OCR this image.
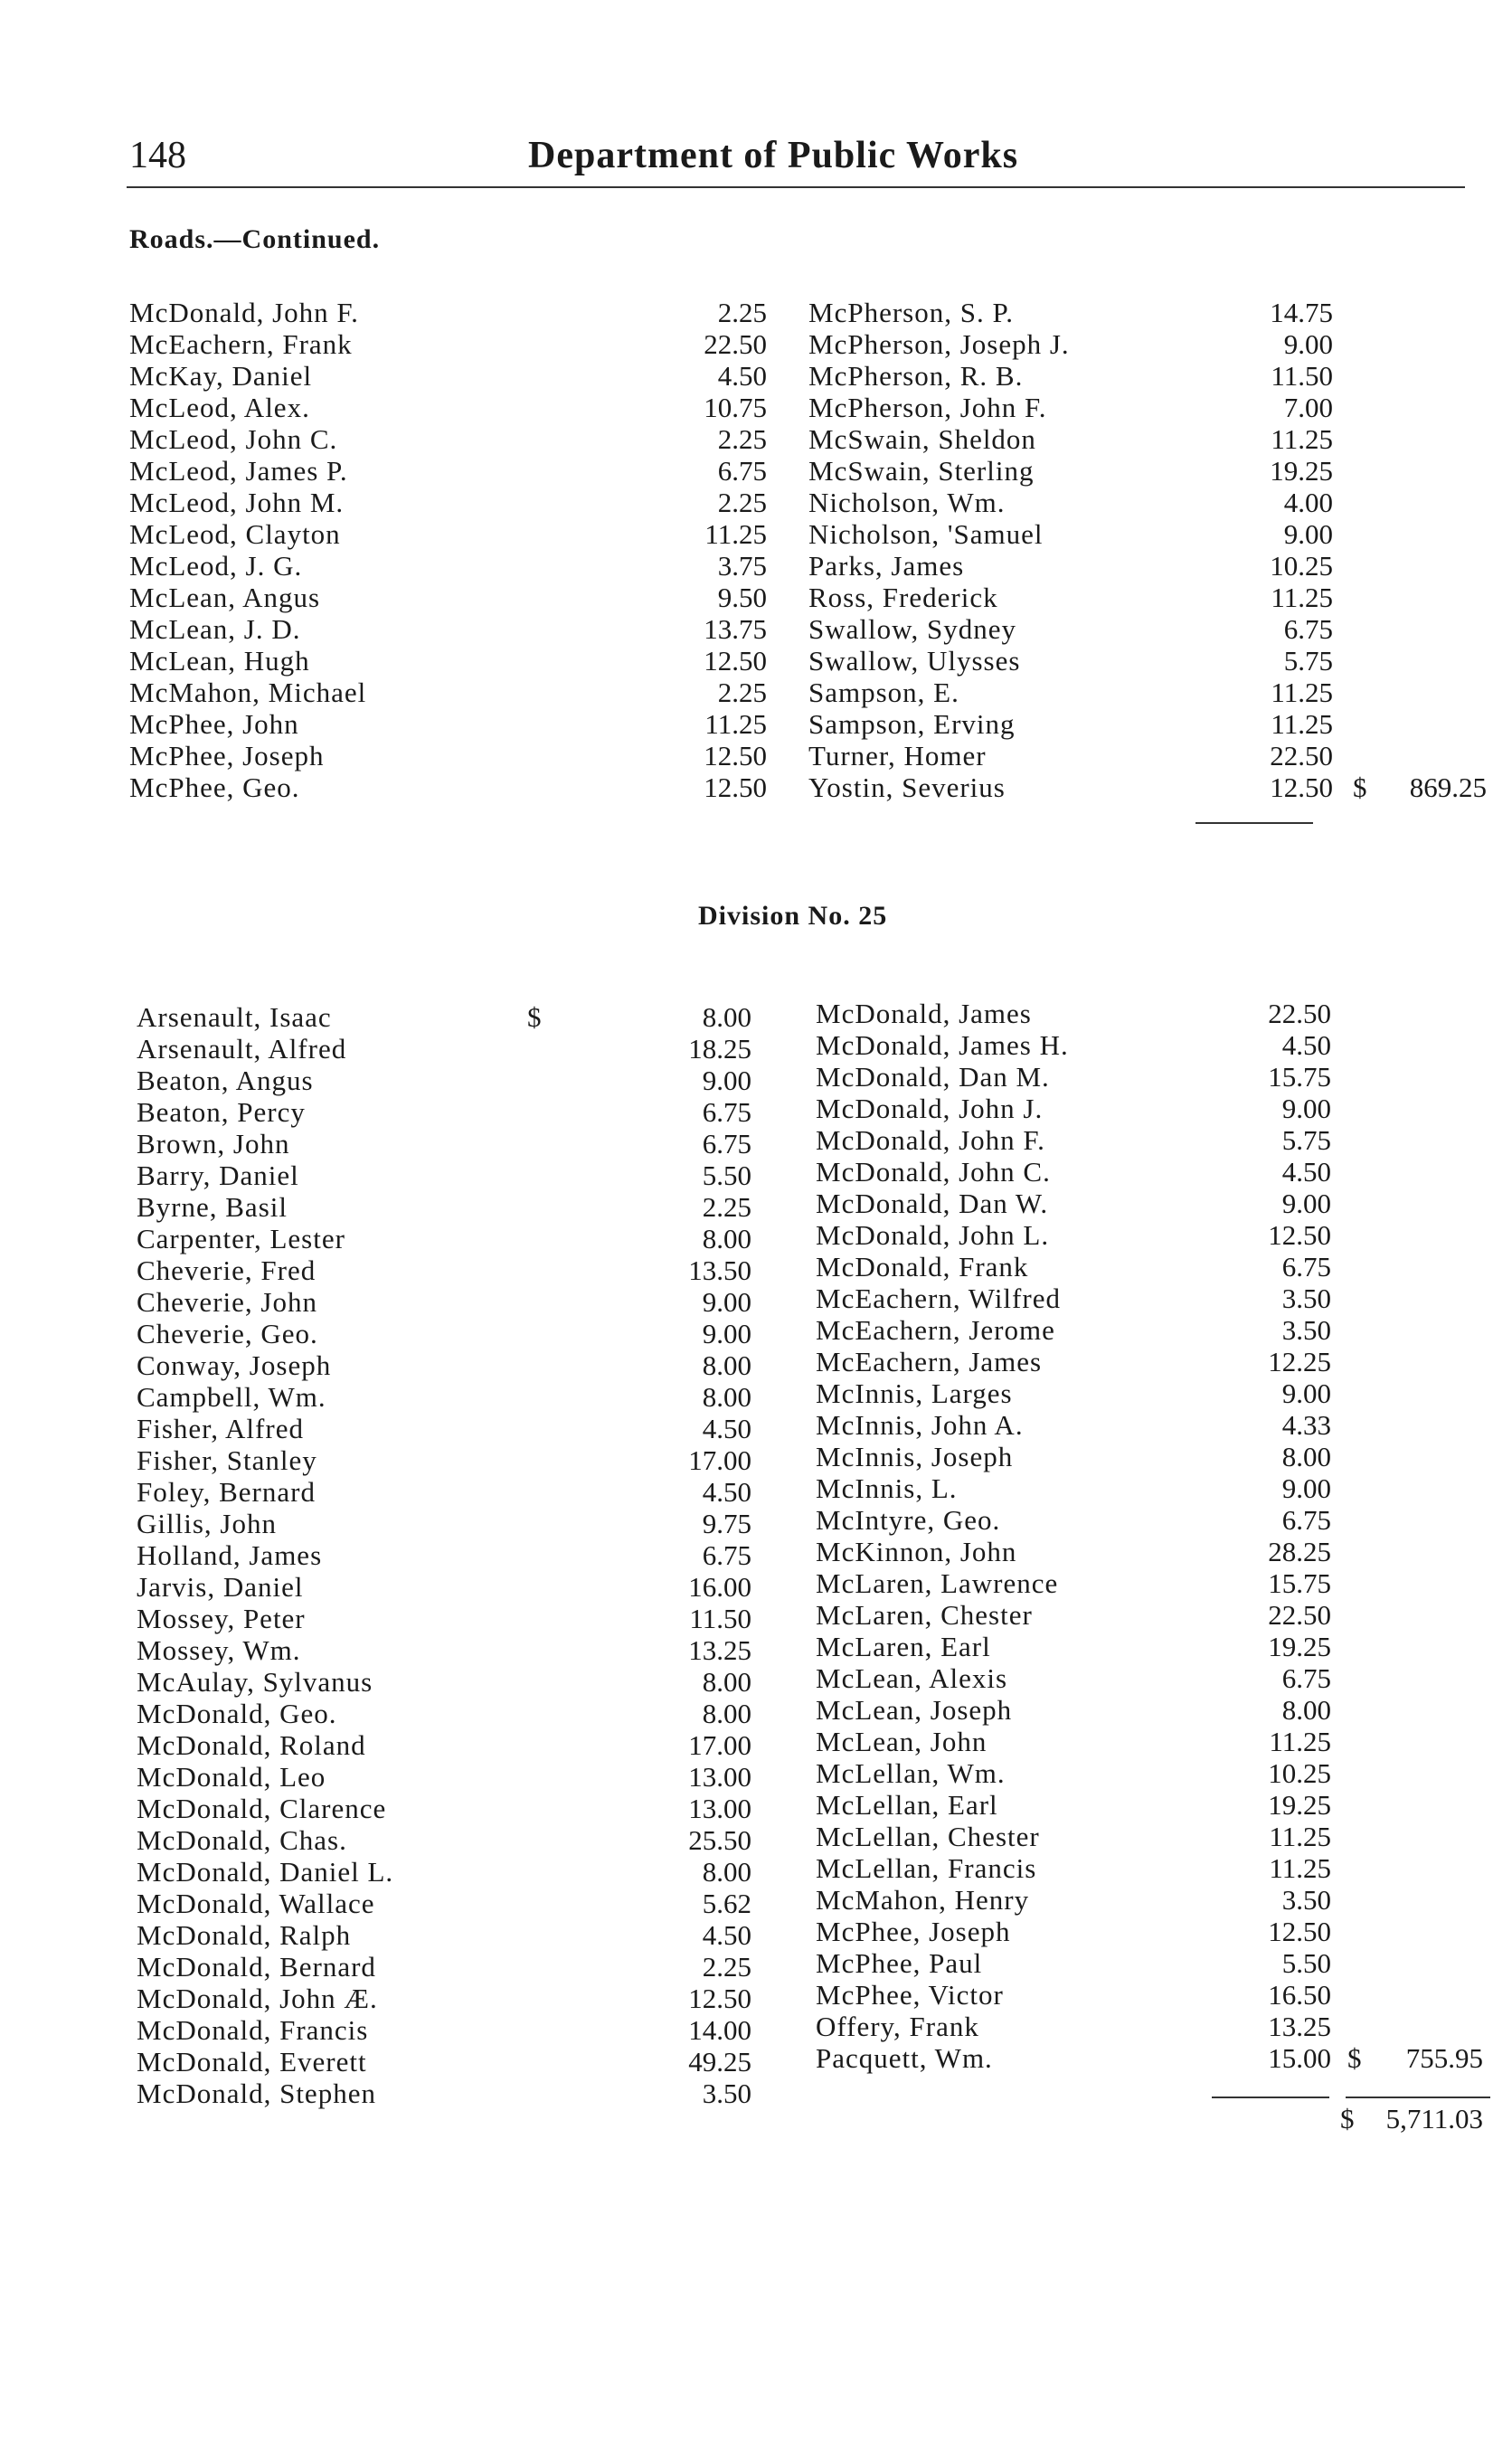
148	Department of Public Works
Roads.—Continued.
McDonald, John F.	2.25
McEachern, Frank	22.50
McKay, Daniel	4.50
McLeod, Alex.	10.75
McLeod, John C.	2.25
McLeod, James P.	6.75
McLeod, John M.	2.25
McLeod, Clayton	11.25
McLeod, J. G.	3.75
McLean, Angus	9.50
McLean, J. D.	13.75
McLean, Hugh	12.50
McMahon, Michael	2.25
McPhee, John	11.25
McPhee, Joseph	12.50
McPhee, Geo.	12.50
McPherson, S. P.	14.75
McPherson, Joseph J.	9.00
McPherson, R. B.	11.50
McPherson, John F.	7.00
McSwain, Sheldon	11.25
McSwain, Sterling	19.25
Nicholson, Wm.	4.00
Nicholson, 'Samuel	9.00
Parks, James	10.25
Ross, Frederick	11.25
Swallow, Sydney	6.75
Swallow, Ulysses	5.75
Sampson, E.	11.25
Sampson, Erving	11.25
Turner, Homer	22.50
Yostin, Severius	12.50 $	869.25
Division No. 25
Arsenault, Isaac	$	8.00
Arsenault, Alfred	18.25
Beaton, Angus	9.00
Beaton, Percy	6.75
Brown, John	6.75
Barry, Daniel	5.50
Byrne, Basil	2.25
Carpenter, Lester	8.00
Cheverie, Fred	13.50
Cheverie, John	9.00
Cheverie, Geo.	9.00
Conway, Joseph	8.00
Campbell, Wm.	8.00
Fisher, Alfred	4.50
Fisher, Stanley	17.00
Foley, Bernard	4.50
Gillis, John	9.75
Holland, James	6.75
Jarvis, Daniel	16.00
Mossey, Peter	11.50
Mossey, Wm.	13.25
McAulay, Sylvanus	8.00
McDonald, Geo.	8.00
McDonald, Roland	17.00
McDonald, Leo	13.00
McDonald, Clarence	13.00
McDonald, Chas.	25.50
McDonald, Daniel L.	8.00
McDonald, Wallace	5.62
McDonald, Ralph	4.50
McDonald, Bernard	2.25
McDonald, John Æ.	12.50
McDonald, Francis	14.00
McDonald, Everett	49.25
McDonald, Stephen	3.50
McDonald, James	22.50
McDonald, James H.	4.50
McDonald, Dan M.	15.75
McDonald, John J.	9.00
McDonald, John F.	5.75
McDonald, John C.	4.50
McDonald, Dan W.	9.00
McDonald, John L.	12.50
McDonald, Frank	6.75
McEachern, Wilfred	3.50
McEachern, Jerome	3.50
McEachern, James	12.25
McInnis, Larges	9.00
McInnis, John A.	4.33
McInnis, Joseph	8.00
McInnis, L.	9.00
McIntyre, Geo.	6.75
McKinnon, John	28.25
McLaren, Lawrence	15.75
McLaren, Chester	22.50
McLaren, Earl	19.25
McLean, Alexis	6.75
McLean, Joseph	8.00
McLean, John	11.25
McLellan, Wm.	10.25
McLellan, Earl	19.25
McLellan, Chester	11.25
McLellan, Francis	11.25
McMahon, Henry	3.50
McPhee, Joseph	12.50
McPhee, Paul	5.50
McPhee, Victor	16.50
Offery, Frank	13.25
Pacquett, Wm.	15.00 $	755.95
$	5,711.03
